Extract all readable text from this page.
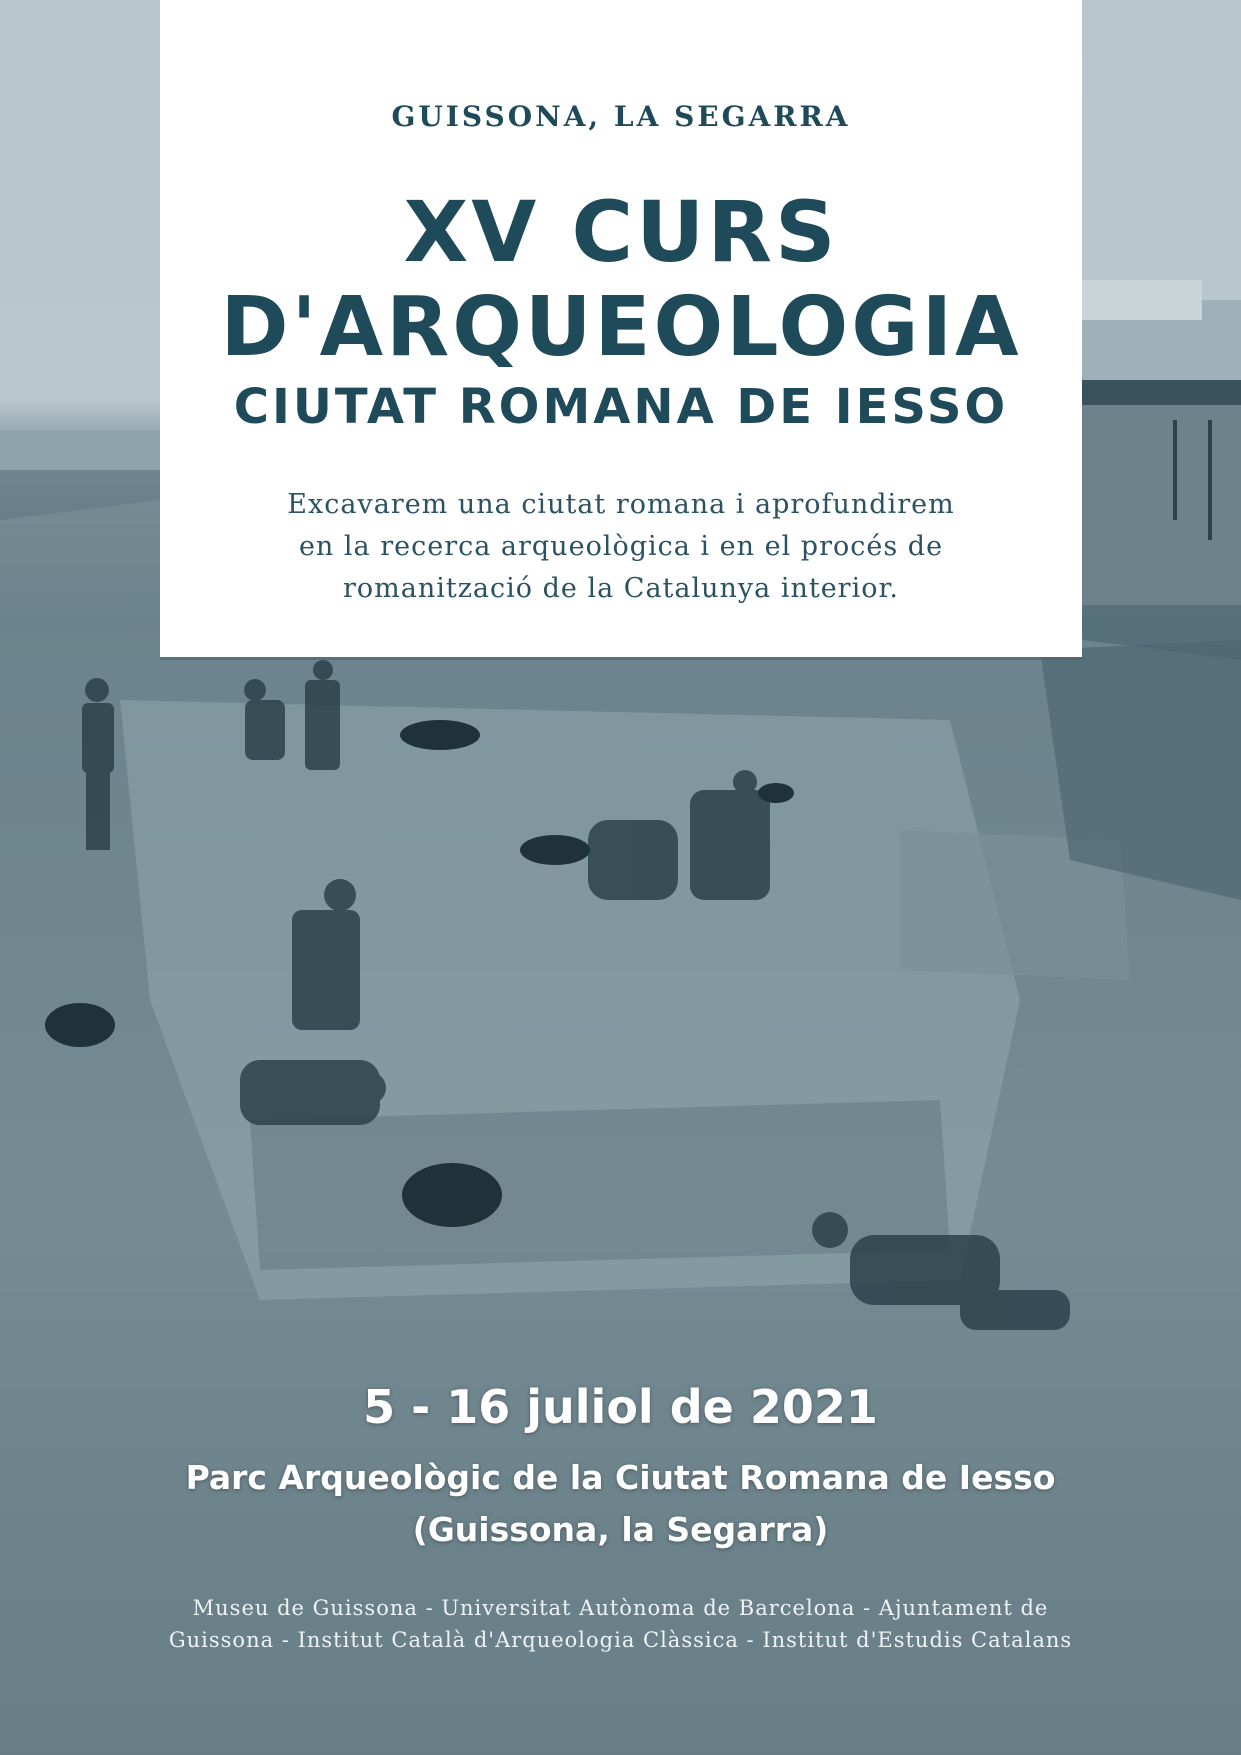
GUISSONA, LA SEGARRA
XV CURS
D'ARQUEOLOGIA
CIUTAT ROMANA DE IESSO
Excavarem una ciutat romana i aprofundirem
en la recerca arqueològica i en el procés de
romanització de la Catalunya interior.
5 - 16 juliol de 2021
Parc Arqueològic de la Ciutat Romana de Iesso
(Guissona, la Segarra)
Museu de Guissona - Universitat Autònoma de Barcelona - Ajuntament de
Guissona - Institut Català d'Arqueologia Clàssica - Institut d'Estudis Catalans
